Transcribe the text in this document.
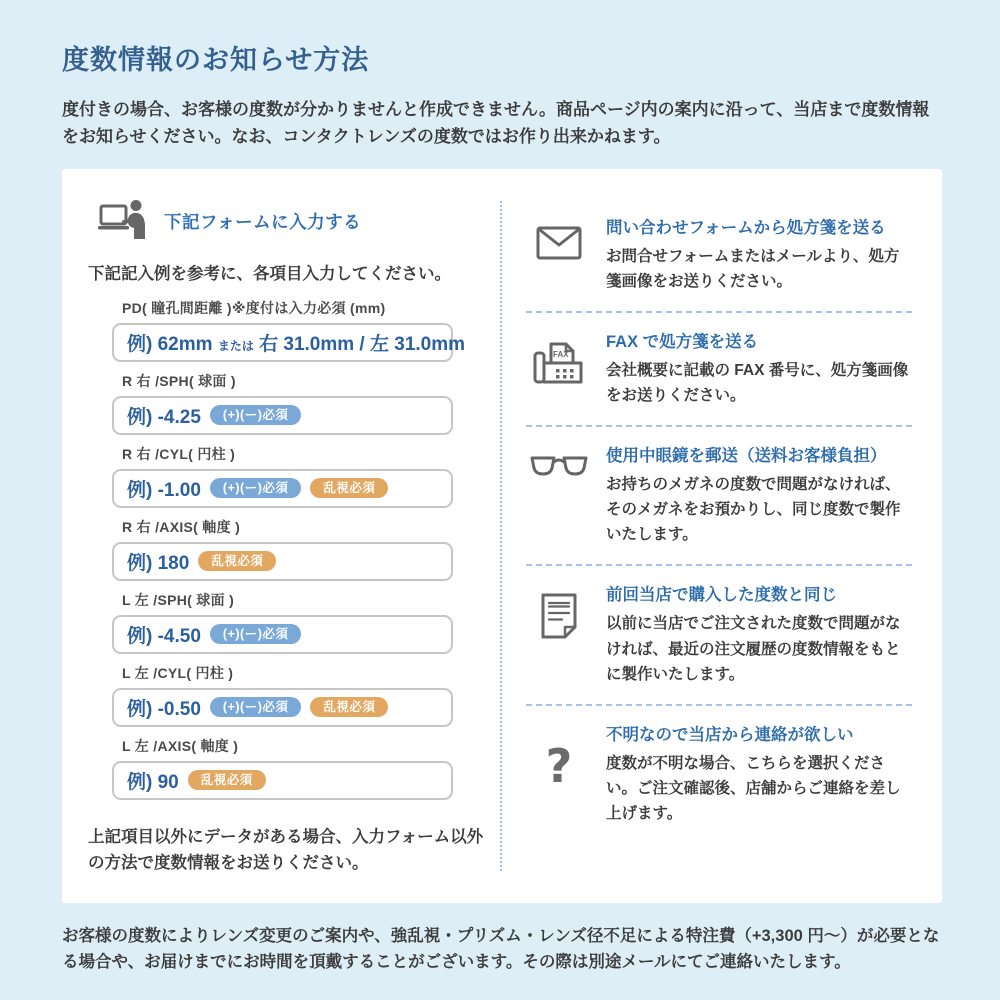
度数情報のお知らせ方法

度付きの場合、お客様の度数が分かりませんと作成できません。商品ページ内の案内に沿って、当店まで度数情報をお知らせください。なお、コンタクトレンズの度数ではお作り出来かねます。

下記フォームに入力する

下記記入例を参考に、各項目入力してください。

PD( 瞳孔間距離 )※度付は入力必須 (mm)
例) 62mm または 右 31.0mm / 左 31.0mm
R 右 /SPH( 球面 )
例) -4.25	(+)(ー)必須
R 右 /CYL( 円柱 )
例) -1.00	(+)(ー)必須	乱視必須
R 右 /AXIS( 軸度 )
例) 180	乱視必須
L 左 /SPH( 球面 )
例) -4.50	(+)(ー)必須
L 左 /CYL( 円柱 )
例) -0.50	(+)(ー)必須	乱視必須
L 左 /AXIS( 軸度 )
例) 90	乱視必須

上記項目以外にデータがある場合、入力フォーム以外の方法で度数情報をお送りください。

問い合わせフォームから処方箋を送る

お問合せフォームまたはメールより、処方箋画像をお送りください。

FAX

FAX で処方箋を送る

会社概要に記載の FAX 番号に、処方箋画像をお送りください。

使用中眼鏡を郵送（送料お客様負担）

お持ちのメガネの度数で問題がなければ、そのメガネをお預かりし、同じ度数で製作いたします。

前回当店で購入した度数と同じ

以前に当店でご注文された度数で問題がなければ、最近の注文履歴の度数情報をもとに製作いたします。

?

不明なので当店から連絡が欲しい

度数が不明な場合、こちらを選択ください。ご注文確認後、店舗からご連絡を差し上げます。

お客様の度数によりレンズ変更のご案内や、強乱視・プリズム・レンズ径不足による特注費（+3,300 円～）が必要となる場合や、お届けまでにお時間を頂戴することがございます。その際は別途メールにてご連絡いたします。
